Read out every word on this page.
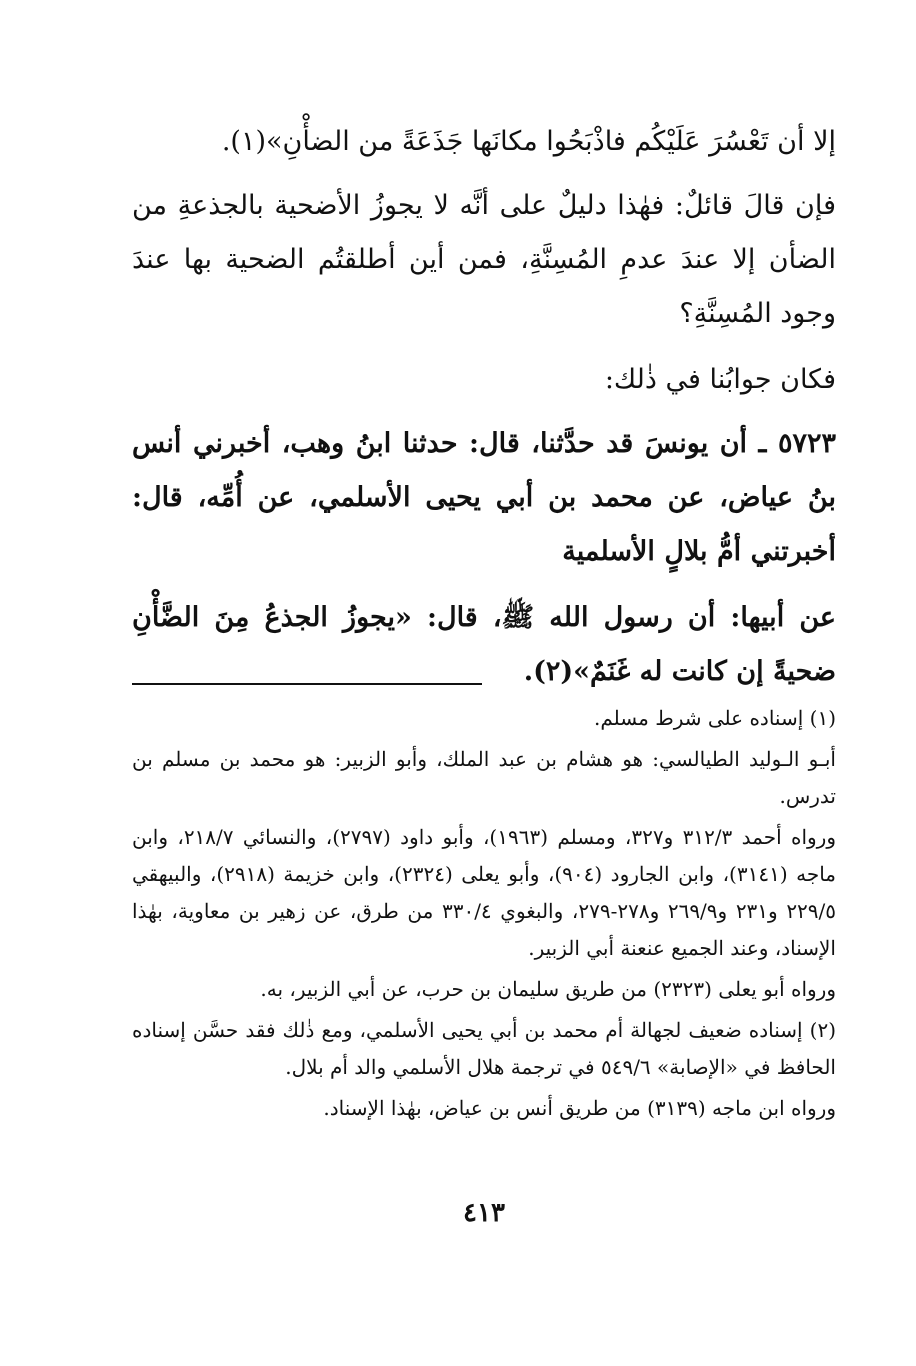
إلا أن تَعْسُرَ عَلَيْكُم فاذْبَحُوا مكانَها جَذَعَةً من الضأْنِ»(١).

فإن قالَ قائلٌ: فهٰذا دليلٌ على أنَّه لا يجوزُ الأضحية بالجذعةِ من الضأن إلا عندَ عدمِ المُسِنَّةِ، فمن أين أطلقتُم الضحية بها عندَ وجود المُسِنَّةِ؟

فكان جوابُنا في ذٰلك:

٥٧٢٣ ـ أن يونسَ قد حدَّثنا، قال: حدثنا ابنُ وهب، أخبرني أنس بنُ عياض، عن محمد بن أبي يحيى الأسلمي، عن أُمِّه، قال: أخبرتني أمُّ بلالٍ الأسلمية

عن أبيها: أن رسول الله ﷺ، قال: «يجوزُ الجذعُ مِنَ الضَّأْنِ ضحيةً إن كانت له غَنَمٌ»(٢).

(١) إسناده على شرط مسلم.

أبـو الـوليد الطيالسي: هو هشام بن عبد الملك، وأبو الزبير: هو محمد بن مسلم بن تدرس.

ورواه أحمد ٣١٢/٣ و٣٢٧، ومسلم (١٩٦٣)، وأبو داود (٢٧٩٧)، والنسائي ٢١٨/٧، وابن ماجه (٣١٤١)، وابن الجارود (٩٠٤)، وأبو يعلى (٢٣٢٤)، وابن خزيمة (٢٩١٨)، والبيهقي ٢٢٩/٥ و٢٣١ و٢٦٩/٩ و٢٧٨-٢٧٩، والبغوي ٣٣٠/٤ من طرق، عن زهير بن معاوية، بهٰذا الإسناد، وعند الجميع عنعنة أبي الزبير.

ورواه أبو يعلى (٢٣٢٣) من طريق سليمان بن حرب، عن أبي الزبير، به.

(٢) إسناده ضعيف لجهالة أم محمد بن أبي يحيى الأسلمي، ومع ذٰلك فقد حسَّن إسناده الحافظ في «الإصابة» ٥٤٩/٦ في ترجمة هلال الأسلمي والد أم بلال.

ورواه ابن ماجه (٣١٣٩) من طريق أنس بن عياض، بهٰذا الإسناد.

٤١٣
